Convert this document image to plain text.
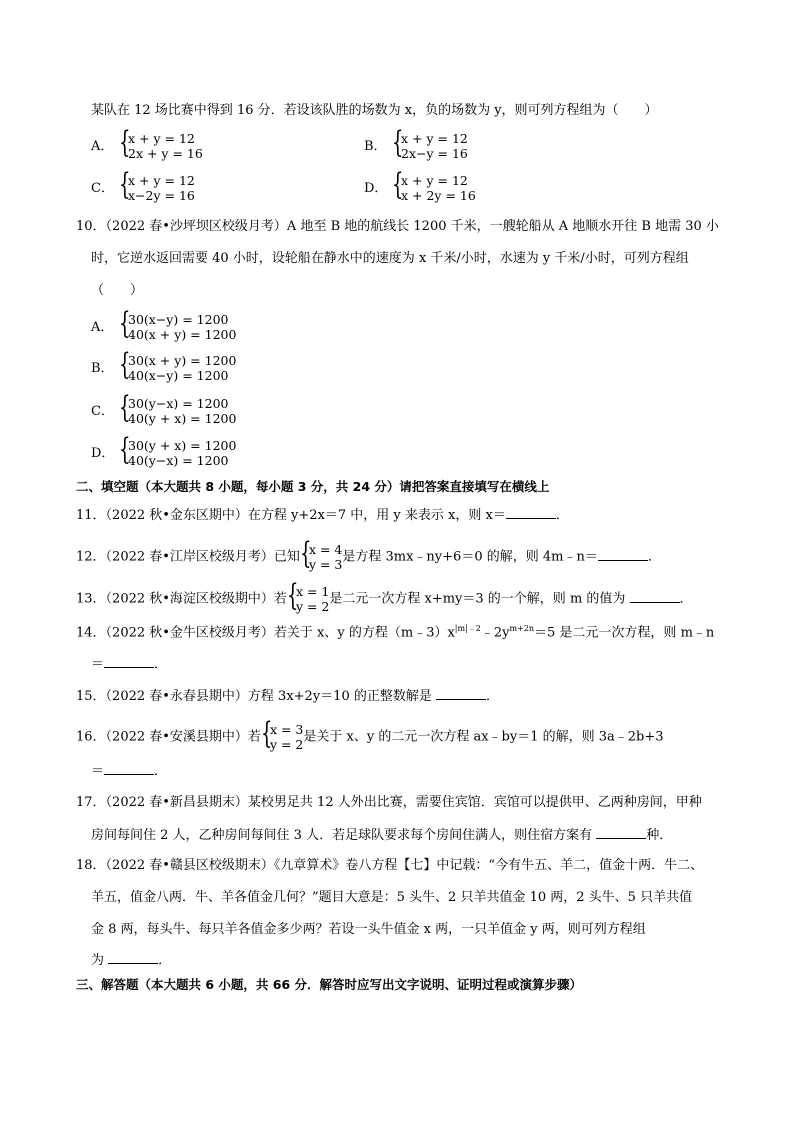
某队在 12 场比赛中得到 16 分．若设该队胜的场数为 x，负的场数为 y，则可列方程组为（　　）
A． { x + y = 12
2x + y = 16	B． { x + y = 12
2x−y = 16
C． { x + y = 12
x−2y = 16	D． { x + y = 12
x + 2y = 16
10．（2022 春•沙坪坝区校级月考）A 地至 B 地的航线长 1200 千米，一艘轮船从 A 地顺水开往 B 地需 30 小
时，它逆水返回需要 40 小时，设轮船在静水中的速度为 x 千米/小时，水速为 y 千米/小时，可列方程组
（　　）
A． { 30(x−y) = 1200
40(x + y) = 1200
B． { 30(x + y) = 1200
40(x−y) = 1200
C． { 30(y−x) = 1200
40(y + x) = 1200
D． { 30(y + x) = 1200
40(y−x) = 1200
二、填空题（本大题共 8 小题，每小题 3 分，共 24 分）请把答案直接填写在横线上
11．（2022 秋•金东区期中）在方程 y+2x＝7 中，用 y 来表示 x，则 x＝	．
12．（2022 春•江岸区校级月考）已知 { x = 4
y = 3 是方程 3mx﹣ny+6＝0 的解，则 4m﹣n＝	．
13．（2022 秋•海淀区校级期中）若 { x = 1
y = 2 是二元一次方程 x+my＝3 的一个解，则 m 的值为	．
14．（2022 秋•金牛区校级月考）若关于 x、y 的方程$(m﹣3)x^{|m|﹣2}﹣2y^{m+2n}=5$ 是二元一次方程，则 m﹣n
＝	．
15．（2022 春•永春县期中）方程 3x+2y＝10 的正整数解是	．
16．（2022 春•安溪县期中）若 { x = 3
y = 2 是关于 x、y 的二元一次方程 ax﹣by＝1 的解，则 3a﹣2b+3
＝	．
17．（2022 春•新昌县期末）某校男足共 12 人外出比赛，需要住宾馆．宾馆可以提供甲、乙两种房间，甲种
房间每间住 2 人，乙种房间每间住 3 人．若足球队要求每个房间住满人，则住宿方案有	种．
18．（2022 春•赣县区校级期末）《九章算术》卷八方程【七】中记载：“今有牛五、羊二，值金十两．牛二、
羊五，值金八两．牛、羊各值金几何？”题目大意是：5 头牛、2 只羊共值金 10 两，2 头牛、5 只羊共值
金 8 两，每头牛、每只羊各值金多少两？若设一头牛值金 x 两，一只羊值金 y 两，则可列方程组
为	．
三、解答题（本大题共 6 小题，共 66 分．解答时应写出文字说明、证明过程或演算步骤）
